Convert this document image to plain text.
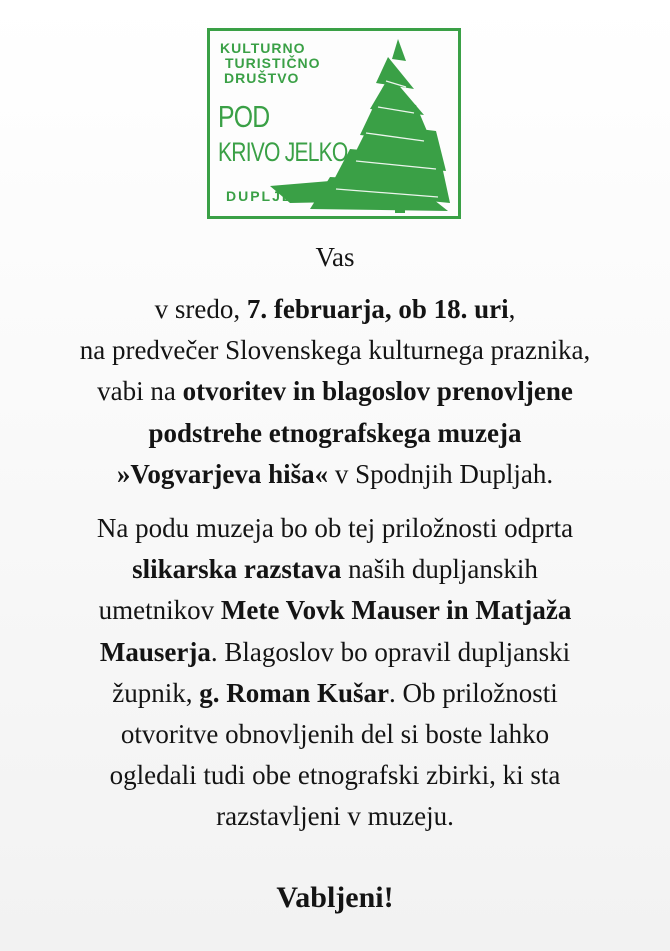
KULTURNO
TURISTIČNO
DRUŠTVO
POD
KRIVO JELKO
DUPLJE
Vas
v sredo, 7. februarja, ob 18. uri,
na predvečer Slovenskega kulturnega praznika,
vabi na otvoritev in blagoslov prenovljene
podstrehe etnografskega muzeja
»Vogvarjeva hiša« v Spodnjih Dupljah.
Na podu muzeja bo ob tej priložnosti odprta
slikarska razstava naših dupljanskih
umetnikov Mete Vovk Mauser in Matjaža
Mauserja. Blagoslov bo opravil dupljanski
župnik, g. Roman Kušar. Ob priložnosti
otvoritve obnovljenih del si boste lahko
ogledali tudi obe etnografski zbirki, ki sta
razstavljeni v muzeju.
Vabljeni!
